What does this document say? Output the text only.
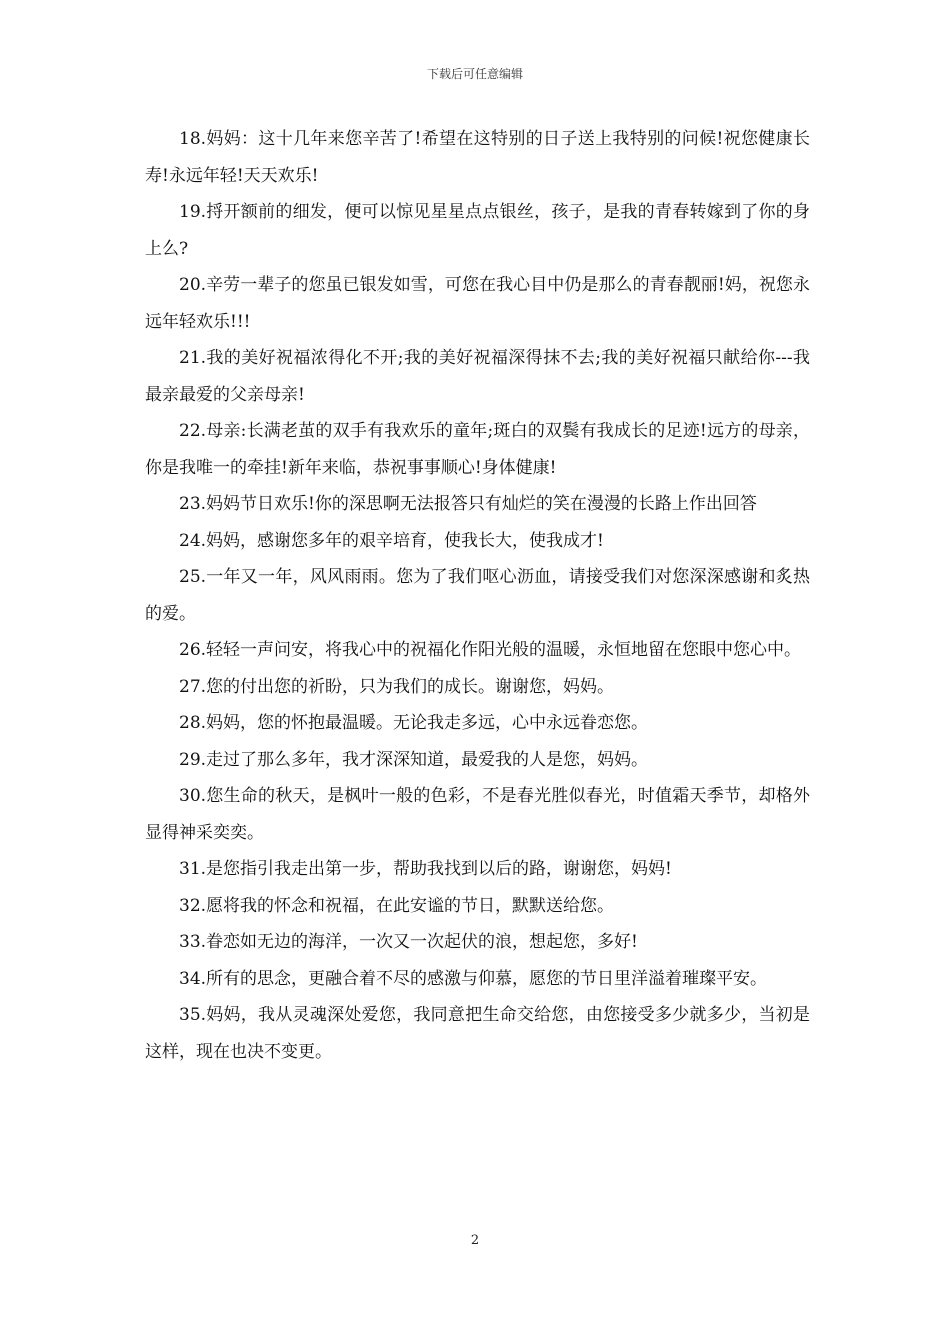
下载后可任意编辑

18.妈妈：这十几年来您辛苦了!希望在这特别的日子送上我特别的问候!祝您健康长寿!永远年轻!天天欢乐!

19.捋开额前的细发，便可以惊见星星点点银丝，孩子，是我的青春转嫁到了你的身上么?

20.辛劳一辈子的您虽已银发如雪，可您在我心目中仍是那么的青春靓丽!妈，祝您永远年轻欢乐!!!

21.我的美好祝福浓得化不开;我的美好祝福深得抹不去;我的美好祝福只献给你---我最亲最爱的父亲母亲!

22.母亲:长满老茧的双手有我欢乐的童年;斑白的双鬓有我成长的足迹!远方的母亲，你是我唯一的牵挂!新年来临，恭祝事事顺心!身体健康!

23.妈妈节日欢乐!你的深思啊无法报答只有灿烂的笑在漫漫的长路上作出回答

24.妈妈，感谢您多年的艰辛培育，使我长大，使我成才!

25.一年又一年，风风雨雨。您为了我们呕心沥血，请接受我们对您深深感谢和炙热的爱。

26.轻轻一声问安，将我心中的祝福化作阳光般的温暖，永恒地留在您眼中您心中。

27.您的付出您的祈盼，只为我们的成长。谢谢您，妈妈。

28.妈妈，您的怀抱最温暖。无论我走多远，心中永远眷恋您。

29.走过了那么多年，我才深深知道，最爱我的人是您，妈妈。

30.您生命的秋天，是枫叶一般的色彩，不是春光胜似春光，时值霜天季节，却格外显得神采奕奕。

31.是您指引我走出第一步，帮助我找到以后的路，谢谢您，妈妈!

32.愿将我的怀念和祝福，在此安谧的节日，默默送给您。

33.眷恋如无边的海洋，一次又一次起伏的浪，想起您，多好!

34.所有的思念，更融合着不尽的感激与仰慕，愿您的节日里洋溢着璀璨平安。

35.妈妈，我从灵魂深处爱您，我同意把生命交给您，由您接受多少就多少，当初是这样，现在也决不变更。

2
